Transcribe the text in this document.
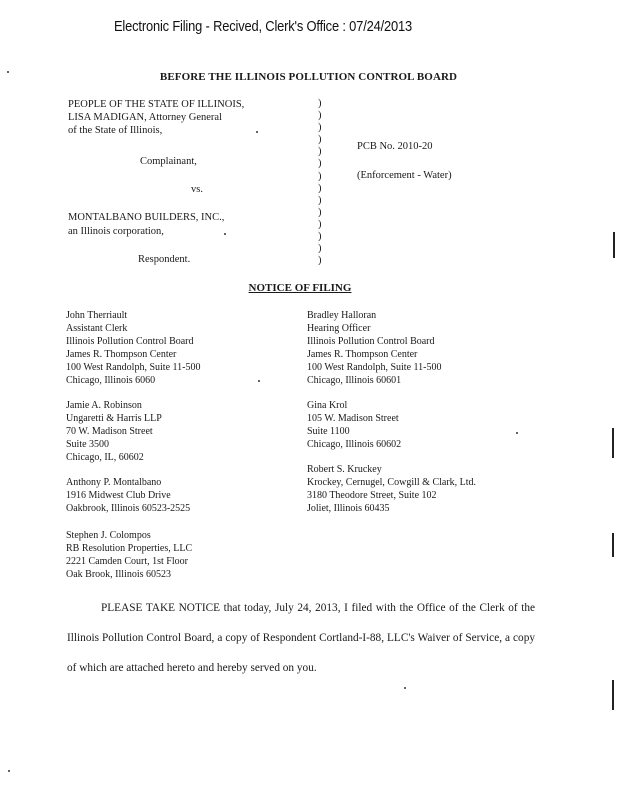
Electronic Filing - Recived, Clerk's Office : 07/24/2013
BEFORE THE ILLINOIS POLLUTION CONTROL BOARD
PEOPLE OF THE STATE OF ILLINOIS,
LISA MADIGAN, Attorney General
of the State of Illinois,
Complainant,
vs.
MONTALBANO BUILDERS, INC.,
an Illinois corporation,
Respondent.
)
)
)
)
)
)
)
)
)
)
)
)
)
)
PCB No. 2010-20
(Enforcement - Water)
NOTICE OF FILING
John Therriault
Assistant Clerk
Illinois Pollution Control Board
James R. Thompson Center
100 West Randolph, Suite 11-500
Chicago, Illinois 6060
Bradley Halloran
Hearing Officer
Illinois Pollution Control Board
James R. Thompson Center
100 West Randolph, Suite 11-500
Chicago, Illinois 60601
Jamie A. Robinson
Ungaretti & Harris LLP
70 W. Madison Street
Suite 3500
Chicago, IL, 60602
Gina Krol
105 W. Madison Street
Suite 1100
Chicago, Illinois 60602
Anthony P. Montalbano
1916 Midwest Club Drive
Oakbrook, Illinois 60523-2525
Robert S. Kruckey
Krockey, Cernugel, Cowgill & Clark, Ltd.
3180 Theodore Street, Suite 102
Joliet, Illinois 60435
Stephen J. Colompos
RB Resolution Properties, LLC
2221 Camden Court, 1st Floor
Oak Brook, Illinois 60523
PLEASE TAKE NOTICE that today, July 24, 2013, I filed with the Office of the Clerk of the Illinois Pollution Control Board, a copy of Respondent Cortland-I-88, LLC's Waiver of Service, a copy of which are attached hereto and hereby served on you.
